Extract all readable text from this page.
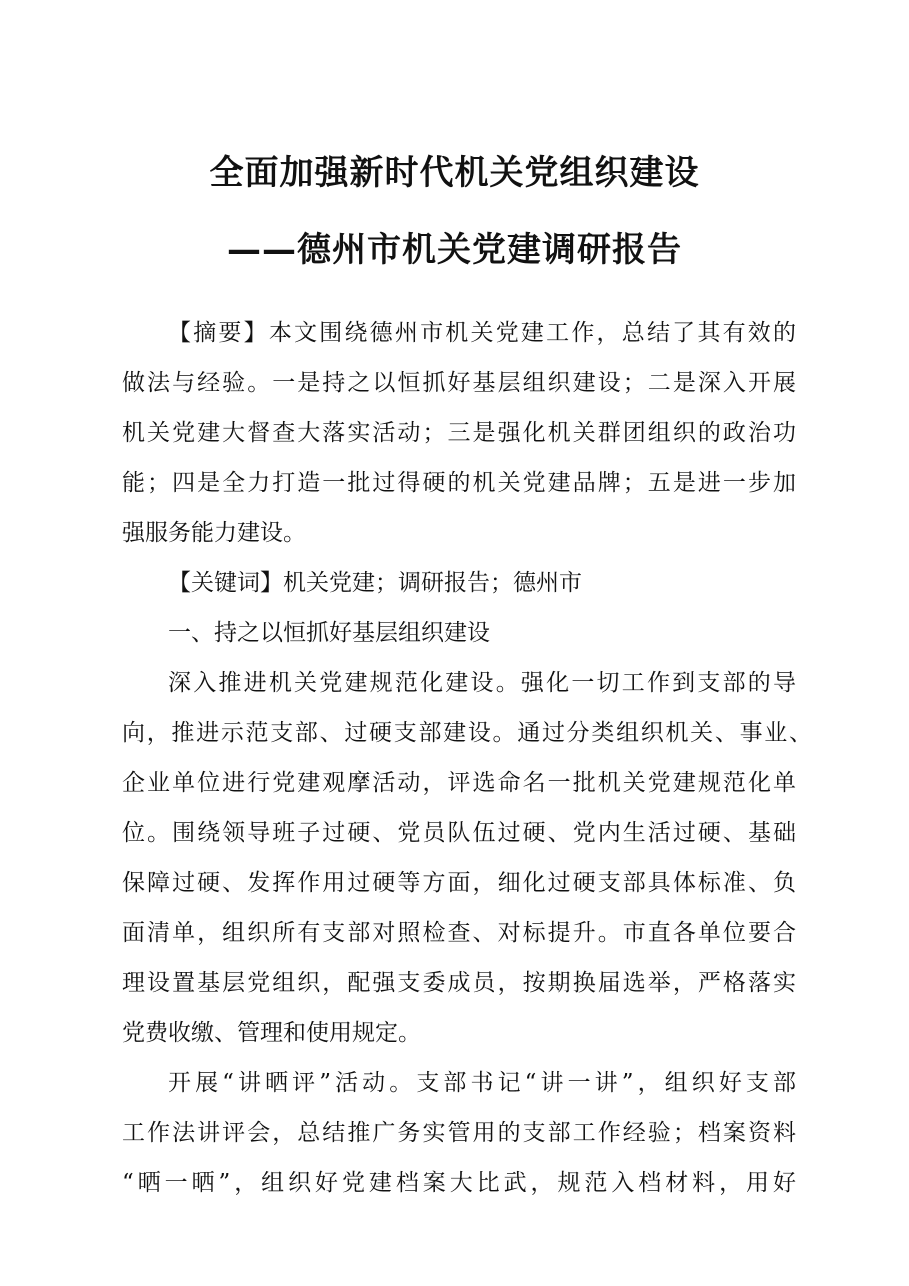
全面加强新时代机关党组织建设
——德州市机关党建调研报告

【摘要】本文围绕德州市机关党建工作，总结了其有效的

做法与经验。一是持之以恒抓好基层组织建设；二是深入开展

机关党建大督查大落实活动；三是强化机关群团组织的政治功

能；四是全力打造一批过得硬的机关党建品牌；五是进一步加

强服务能力建设。

【关键词】机关党建；调研报告；德州市

一、持之以恒抓好基层组织建设

深入推进机关党建规范化建设。强化一切工作到支部的导

向，推进示范支部、过硬支部建设。通过分类组织机关、事业、

企业单位进行党建观摩活动，评选命名一批机关党建规范化单

位。围绕领导班子过硬、党员队伍过硬、党内生活过硬、基础

保障过硬、发挥作用过硬等方面，细化过硬支部具体标准、负

面清单，组织所有支部对照检查、对标提升。市直各单位要合

理设置基层党组织，配强支委成员，按期换届选举，严格落实

党费收缴、管理和使用规定。

开展“讲晒评”活动。支部书记“讲一讲”，组织好支部

工作法讲评会，总结推广务实管用的支部工作经验；档案资料

“晒一晒”，组织好党建档案大比武，规范入档材料，用好
